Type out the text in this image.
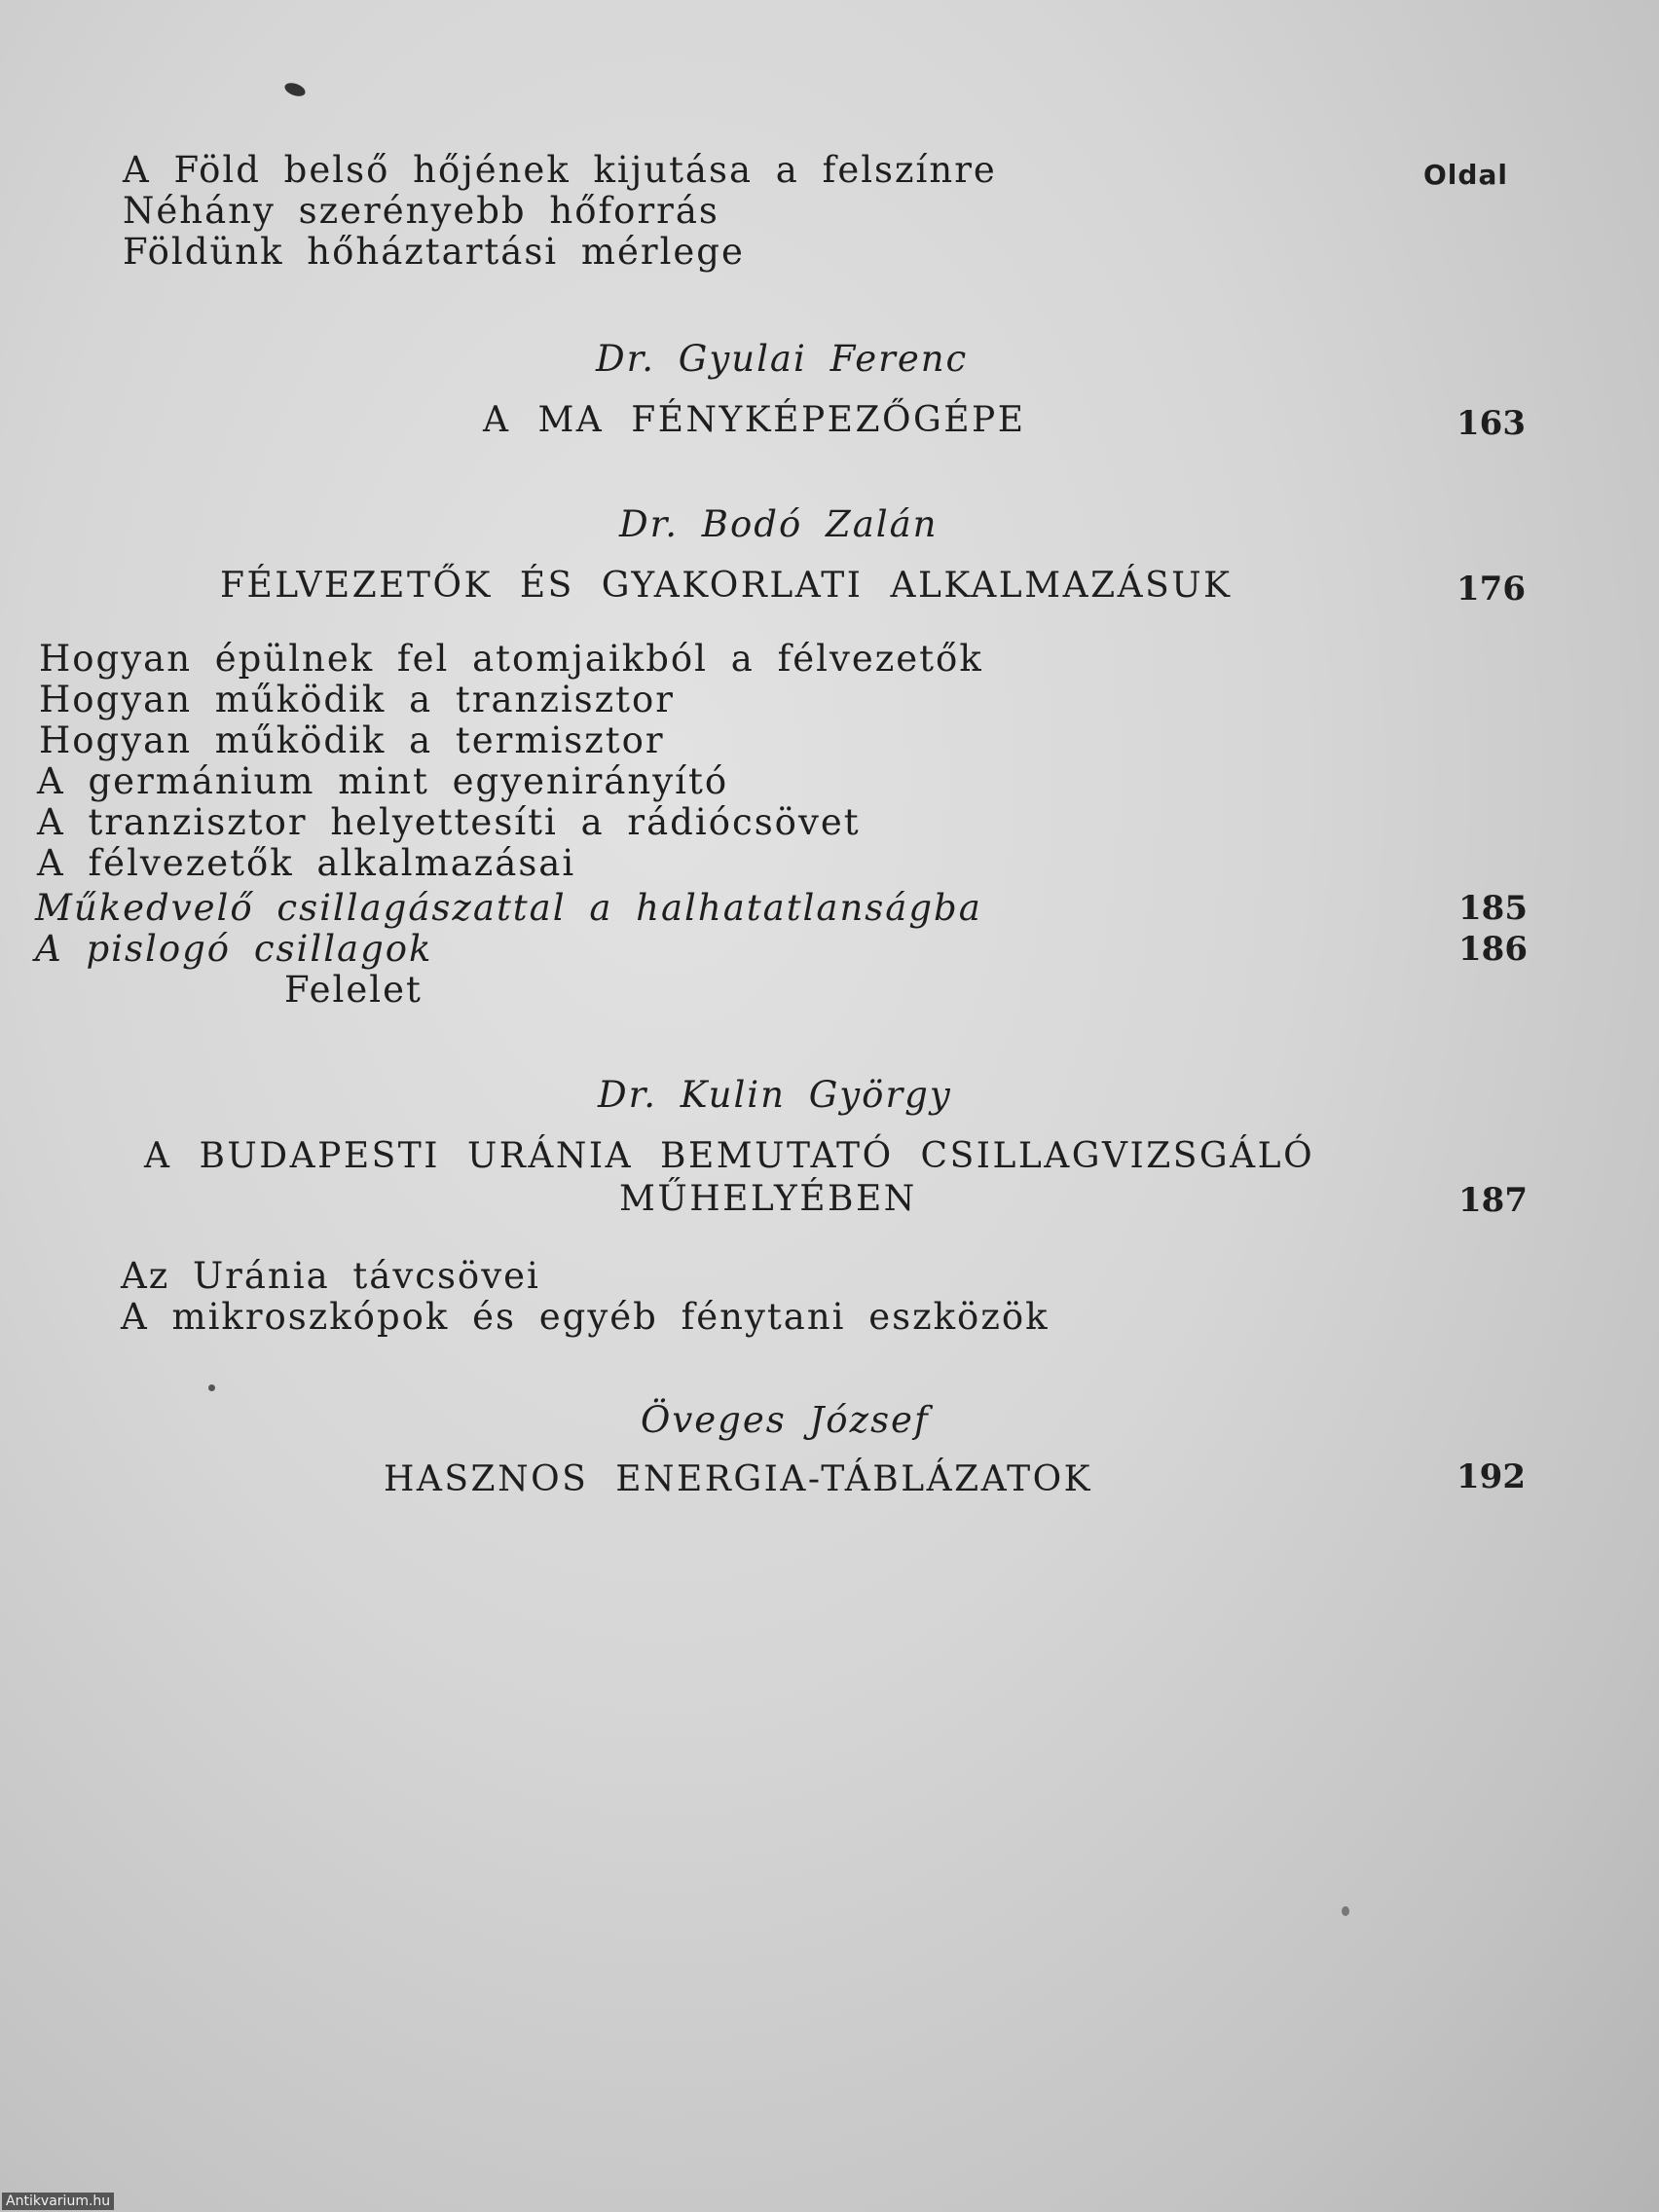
Oldal

A Föld belső hőjének kijutása a felszínre

Néhány szerényebb hőforrás

Földünk hőháztartási mérlege

Dr. Gyulai Ferenc

A MA FÉNYKÉPEZŐGÉPE	163

Dr. Bodó Zalán

FÉLVEZETŐK ÉS GYAKORLATI ALKALMAZÁSUK	176

Hogyan épülnek fel atomjaikból a félvezetők

Hogyan működik a tranzisztor

Hogyan működik a termisztor

A germánium mint egyenirányító

A tranzisztor helyettesíti a rádiócsövet

A félvezetők alkalmazásai

Műkedvelő csillagászattal a halhatatlanságba	185

A pislogó csillagok	186

Felelet

Dr. Kulin György

A BUDAPESTI URÁNIA BEMUTATÓ CSILLAGVIZSGÁLÓ

MŰHELYÉBEN	187

Az Uránia távcsövei

A mikroszkópok és egyéb fénytani eszközök

Öveges József

HASZNOS ENERGIA-TÁBLÁZATOK	192

Antikvarium.hu
